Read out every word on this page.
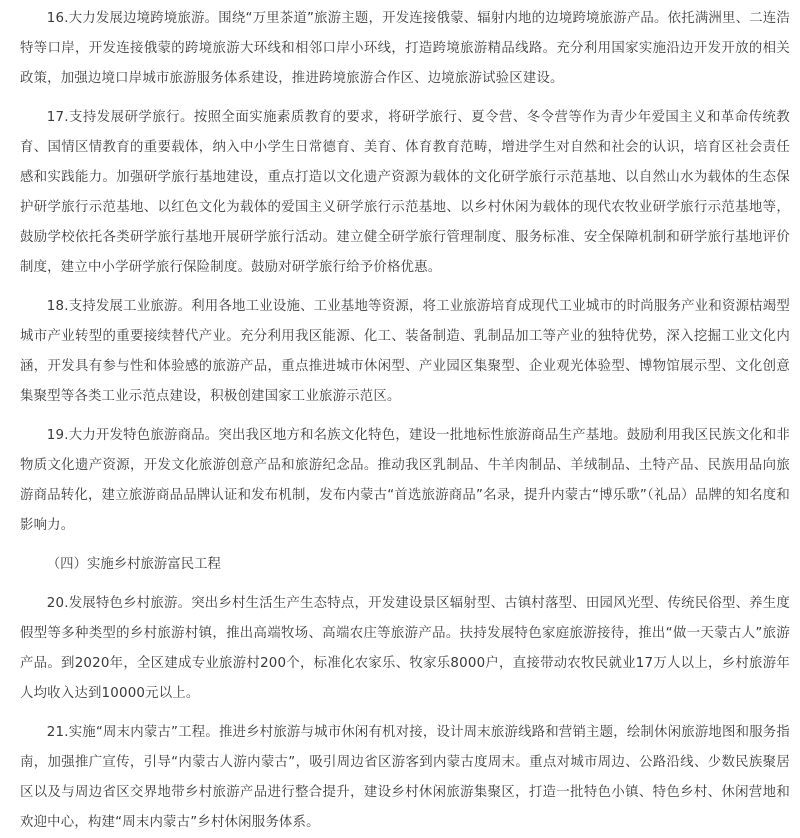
16.大力发展边境跨境旅游。围绕“万里茶道”旅游主题，开发连接俄蒙、辐射内地的边境跨境旅游产品。依托满洲里、二连浩特等口岸，开发连接俄蒙的跨境旅游大环线和相邻口岸小环线，打造跨境旅游精品线路。充分利用国家实施沿边开发开放的相关政策，加强边境口岸城市旅游服务体系建设，推进跨境旅游合作区、边境旅游试验区建设。

17.支持发展研学旅行。按照全面实施素质教育的要求，将研学旅行、夏令营、冬令营等作为青少年爱国主义和革命传统教育、国情区情教育的重要载体，纳入中小学生日常德育、美育、体育教育范畴，增进学生对自然和社会的认识，培育区社会责任感和实践能力。加强研学旅行基地建设，重点打造以文化遗产资源为载体的文化研学旅行示范基地、以自然山水为载体的生态保护研学旅行示范基地、以红色文化为载体的爱国主义研学旅行示范基地、以乡村休闲为载体的现代农牧业研学旅行示范基地等，鼓励学校依托各类研学旅行基地开展研学旅行活动。建立健全研学旅行管理制度、服务标准、安全保障机制和研学旅行基地评价制度，建立中小学研学旅行保险制度。鼓励对研学旅行给予价格优惠。

18.支持发展工业旅游。利用各地工业设施、工业基地等资源，将工业旅游培育成现代工业城市的时尚服务产业和资源枯竭型城市产业转型的重要接续替代产业。充分利用我区能源、化工、装备制造、乳制品加工等产业的独特优势，深入挖掘工业文化内涵，开发具有参与性和体验感的旅游产品，重点推进城市休闲型、产业园区集聚型、企业观光体验型、博物馆展示型、文化创意集聚型等各类工业示范点建设，积极创建国家工业旅游示范区。

19.大力开发特色旅游商品。突出我区地方和名族文化特色，建设一批地标性旅游商品生产基地。鼓励利用我区民族文化和非物质文化遗产资源，开发文化旅游创意产品和旅游纪念品。推动我区乳制品、牛羊肉制品、羊绒制品、土特产品、民族用品向旅游商品转化，建立旅游商品品牌认证和发布机制，发布内蒙古“首选旅游商品”名录，提升内蒙古“博乐歌”（礼品）品牌的知名度和影响力。

（四）实施乡村旅游富民工程

20.发展特色乡村旅游。突出乡村生活生产生态特点，开发建设景区辐射型、古镇村落型、田园风光型、传统民俗型、养生度假型等多种类型的乡村旅游村镇，推出高端牧场、高端农庄等旅游产品。扶持发展特色家庭旅游接待，推出“做一天蒙古人”旅游产品。到2020年，全区建成专业旅游村200个，标准化农家乐、牧家乐8000户，直接带动农牧民就业17万人以上，乡村旅游年人均收入达到10000元以上。

21.实施“周末内蒙古”工程。推进乡村旅游与城市休闲有机对接，设计周末旅游线路和营销主题，绘制休闲旅游地图和服务指南，加强推广宣传，引导“内蒙古人游内蒙古”，吸引周边省区游客到内蒙古度周末。重点对城市周边、公路沿线、少数民族聚居区以及与周边省区交界地带乡村旅游产品进行整合提升，建设乡村休闲旅游集聚区，打造一批特色小镇、特色乡村、休闲营地和欢迎中心，构建“周末内蒙古”乡村休闲服务体系。
